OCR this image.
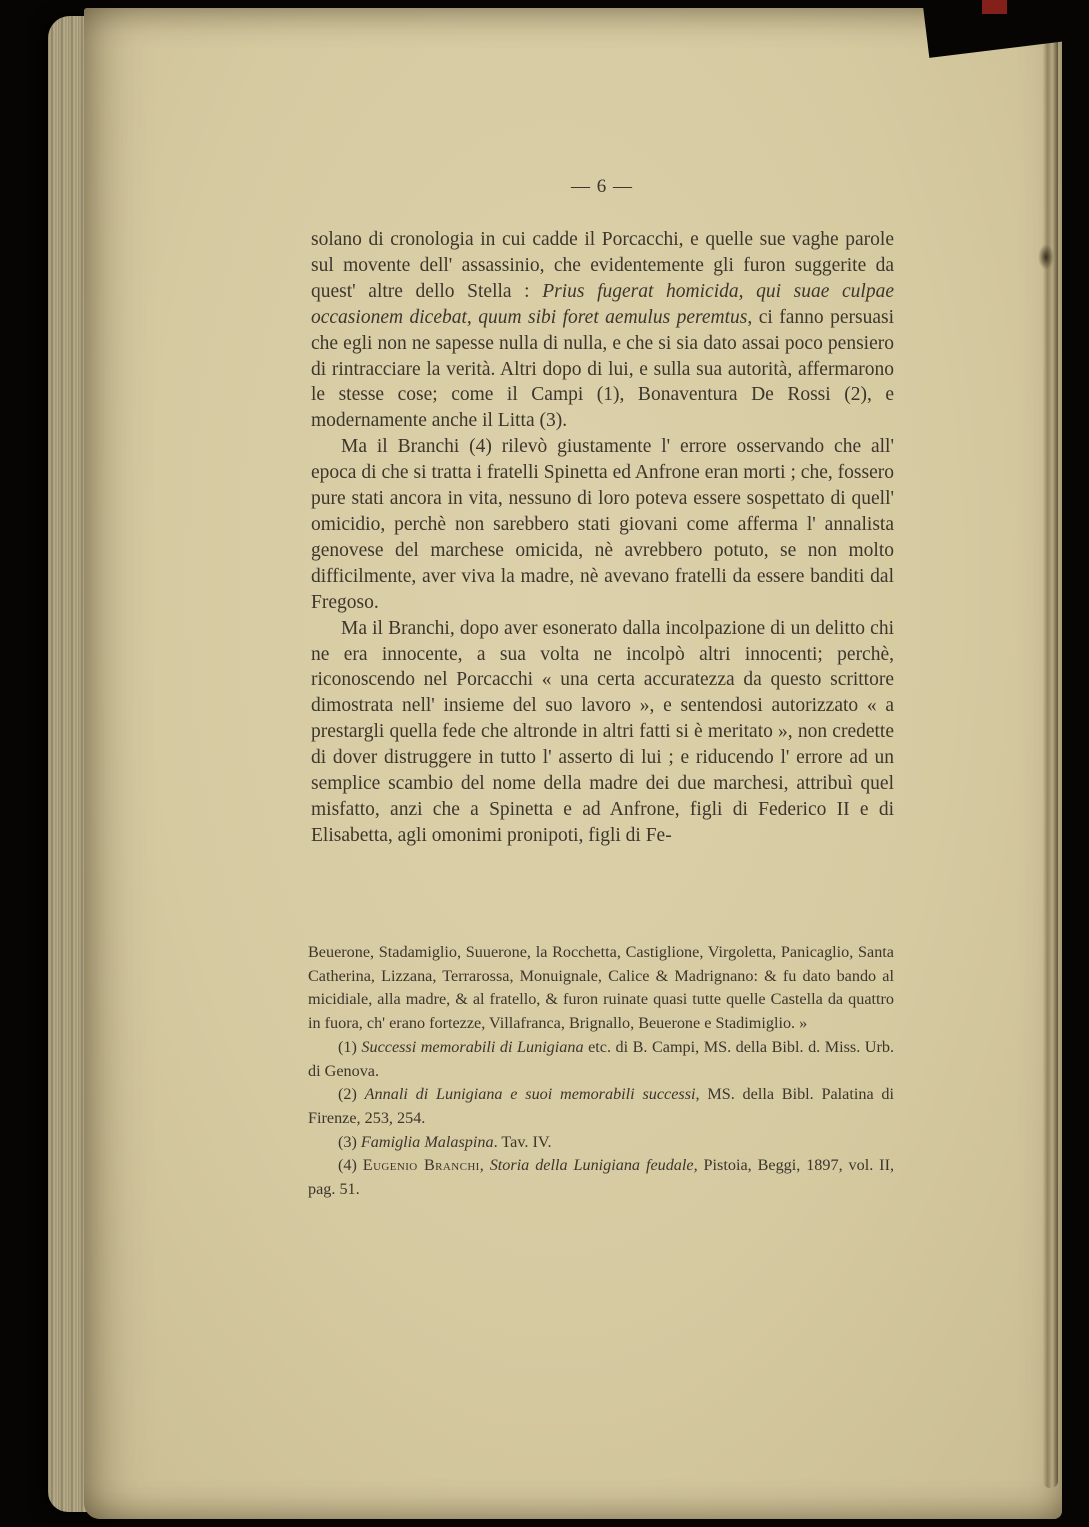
— 6 —

solano di cronologia in cui cadde il Porcacchi, e quelle sue vaghe parole sul movente dell' assassinio, che evidentemente gli furon suggerite da quest' altre dello Stella : Prius fugerat homicida, qui suae culpae occasionem dicebat, quum sibi foret aemulus peremtus, ci fanno persuasi che egli non ne sapesse nulla di nulla, e che si sia dato assai poco pensiero di rintracciare la verità. Altri dopo di lui, e sulla sua autorità, affermarono le stesse cose; come il Campi (1), Bonaventura De Rossi (2), e modernamente anche il Litta (3).

Ma il Branchi (4) rilevò giustamente l' errore osservando che all' epoca di che si tratta i fratelli Spinetta ed Anfrone eran morti ; che, fossero pure stati ancora in vita, nessuno di loro poteva essere sospettato di quell' omicidio, perchè non sarebbero stati giovani come afferma l' annalista genovese del marchese omicida, nè avrebbero potuto, se non molto difficilmente, aver viva la madre, nè avevano fratelli da essere banditi dal Fregoso.

Ma il Branchi, dopo aver esonerato dalla incolpazione di un delitto chi ne era innocente, a sua volta ne incolpò altri innocenti; perchè, riconoscendo nel Porcacchi « una certa accuratezza da questo scrittore dimostrata nell' insieme del suo lavoro », e sentendosi autorizzato « a prestargli quella fede che altronde in altri fatti si è meritato », non credette di dover distruggere in tutto l' asserto di lui ; e riducendo l' errore ad un semplice scambio del nome della madre dei due marchesi, attribuì quel misfatto, anzi che a Spinetta e ad Anfrone, figli di Federico II e di Elisabetta, agli omonimi pronipoti, figli di Fe-

Beuerone, Stadamiglio, Suuerone, la Rocchetta, Castiglione, Virgoletta, Panicaglio, Santa Catherina, Lizzana, Terrarossa, Monuignale, Calice & Madrignano: & fu dato bando al micidiale, alla madre, & al fratello, & furon ruinate quasi tutte quelle Castella da quattro in fuora, ch' erano fortezze, Villafranca, Brignallo, Beuerone e Stadimiglio. »

(1) Successi memorabili di Lunigiana etc. di B. Campi, MS. della Bibl. d. Miss. Urb. di Genova.

(2) Annali di Lunigiana e suoi memorabili successi, MS. della Bibl. Palatina di Firenze, 253, 254.

(3) Famiglia Malaspina. Tav. IV.

(4) Eugenio Branchi, Storia della Lunigiana feudale, Pistoia, Beggi, 1897, vol. II, pag. 51.
